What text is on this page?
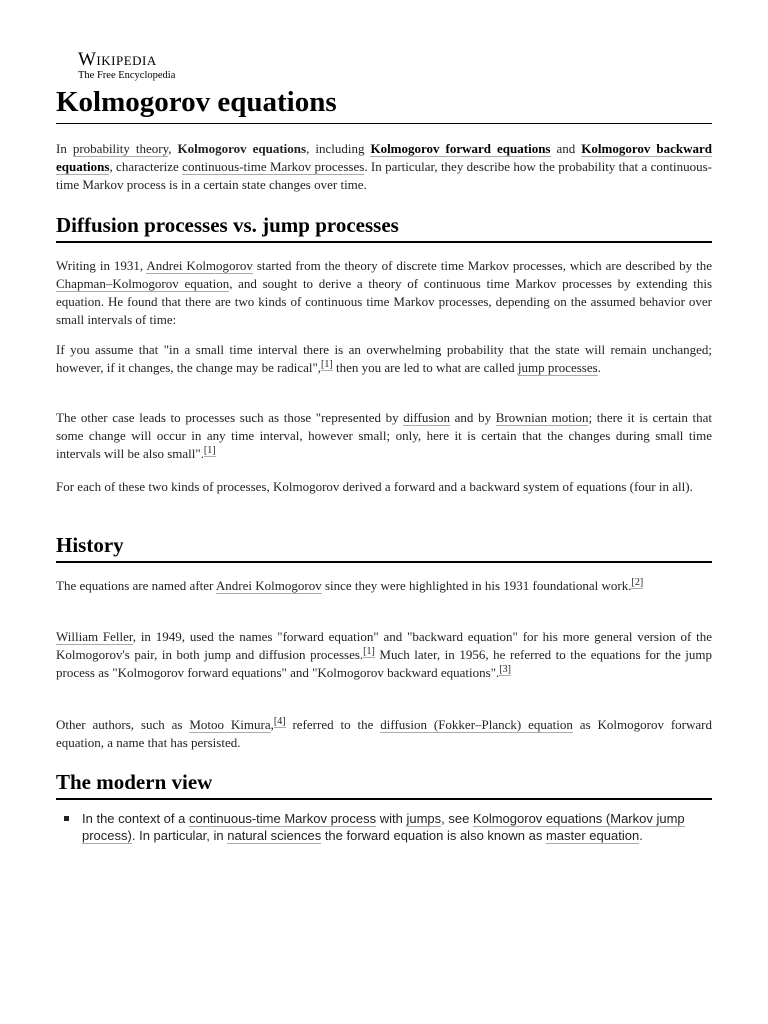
Wikipedia
The Free Encyclopedia
Kolmogorov equations

In probability theory, Kolmogorov equations, including Kolmogorov forward equations and Kolmogorov backward equations, characterize continuous-time Markov processes. In particular, they describe how the probability that a continuous-time Markov process is in a certain state changes over time.

Diffusion processes vs. jump processes

Writing in 1931, Andrei Kolmogorov started from the theory of discrete time Markov processes, which are described by the Chapman–Kolmogorov equation, and sought to derive a theory of continuous time Markov processes by extending this equation. He found that there are two kinds of continuous time Markov processes, depending on the assumed behavior over small intervals of time:

If you assume that "in a small time interval there is an overwhelming probability that the state will remain unchanged; however, if it changes, the change may be radical",[1] then you are led to what are called jump processes.

The other case leads to processes such as those "represented by diffusion and by Brownian motion; there it is certain that some change will occur in any time interval, however small; only, here it is certain that the changes during small time intervals will be also small".[1]

For each of these two kinds of processes, Kolmogorov derived a forward and a backward system of equations (four in all).

History

The equations are named after Andrei Kolmogorov since they were highlighted in his 1931 foundational work.[2]

William Feller, in 1949, used the names "forward equation" and "backward equation" for his more general version of the Kolmogorov's pair, in both jump and diffusion processes.[1] Much later, in 1956, he referred to the equations for the jump process as "Kolmogorov forward equations" and "Kolmogorov backward equations".[3]

Other authors, such as Motoo Kimura,[4] referred to the diffusion (Fokker–Planck) equation as Kolmogorov forward equation, a name that has persisted.

The modern view
In the context of a continuous-time Markov process with jumps, see Kolmogorov equations (Markov jump process). In particular, in natural sciences the forward equation is also known as master equation.
